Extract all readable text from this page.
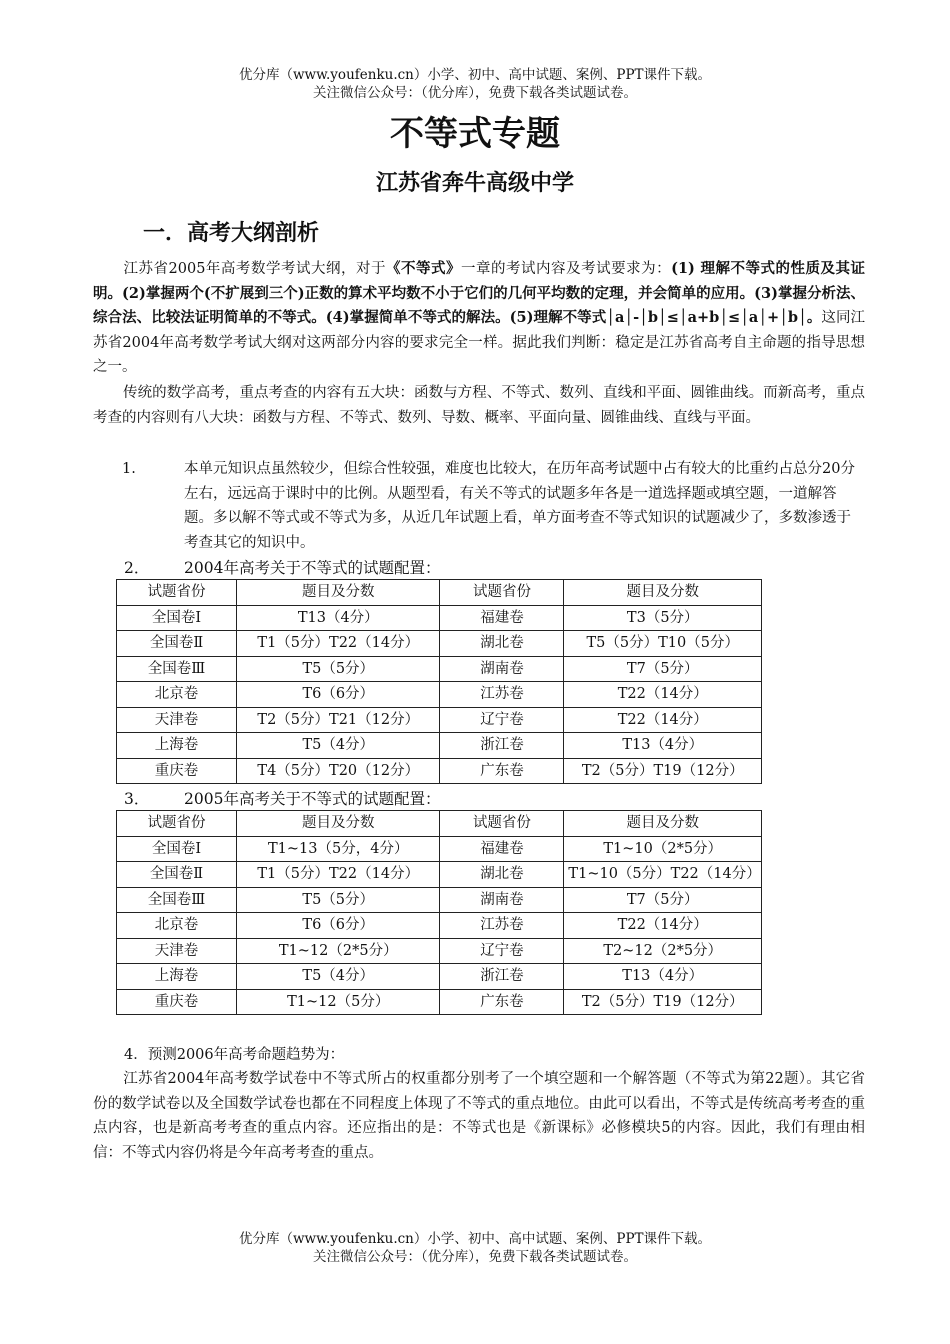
优分库（www.youfenku.cn）小学、初中、高中试题、案例、PPT课件下载。
关注微信公众号：（优分库），免费下载各类试题试卷。
不等式专题
江苏省奔牛高级中学
一．高考大纲剖析
江苏省2005年高考数学考试大纲，对于《不等式》一章的考试内容及考试要求为：(1) 理解不等式的性质及其证明。(2)掌握两个(不扩展到三个)正数的算术平均数不小于它们的几何平均数的定理，并会简单的应用。(3)掌握分析法、综合法、比较法证明简单的不等式。(4)掌握简单不等式的解法。(5)理解不等式│a│-│b│≤│a+b│≤│a│+│b│。这同江苏省2004年高考数学考试大纲对这两部分内容的要求完全一样。据此我们判断：稳定是江苏省高考自主命题的指导思想之一。
传统的数学高考，重点考查的内容有五大块：函数与方程、不等式、数列、直线和平面、圆锥曲线。而新高考，重点考查的内容则有八大块：函数与方程、不等式、数列、导数、概率、平面向量、圆锥曲线、直线与平面。
1.	本单元知识点虽然较少，但综合性较强，难度也比较大，在历年高考试题中占有较大的比重约占总分20分左右，远远高于课时中的比例。从题型看，有关不等式的试题多年各是一道选择题或填空题，一道解答题。多以解不等式或不等式为多，从近几年试题上看，单方面考查不等式知识的试题减少了，多数渗透于考查其它的知识中。
2． 2004年高考关于不等式的试题配置：
试题省份	题目及分数	试题省份	题目及分数
全国卷Ⅰ	T13（4分）	福建卷	T3（5分）
全国卷Ⅱ	T1（5分）T22（14分）	湖北卷	T5（5分）T10（5分）
全国卷Ⅲ	T5（5分）	湖南卷	T7（5分）
北京卷	T6（6分）	江苏卷	T22（14分）
天津卷	T2（5分）T21（12分）	辽宁卷	T22（14分）
上海卷	T5（4分）	浙江卷	T13（4分）
重庆卷	T4（5分）T20（12分）	广东卷	T2（5分）T19（12分）
3． 2005年高考关于不等式的试题配置：
试题省份	题目及分数	试题省份	题目及分数
全国卷Ⅰ	T1~13（5分，4分）	福建卷	T1~10（2*5分）
全国卷Ⅱ	T1（5分）T22（14分）	湖北卷	T1~10（5分）T22（14分）
全国卷Ⅲ	T5（5分）	湖南卷	T7（5分）
北京卷	T6（6分）	江苏卷	T22（14分）
天津卷	T1~12（2*5分）	辽宁卷	T2~12（2*5分）
上海卷	T5（4分）	浙江卷	T13（4分）
重庆卷	T1~12（5分）	广东卷	T2（5分）T19（12分）
4．预测2006年高考命题趋势为：
江苏省2004年高考数学试卷中不等式所占的权重都分别考了一个填空题和一个解答题（不等式为第22题）。其它省份的数学试卷以及全国数学试卷也都在不同程度上体现了不等式的重点地位。由此可以看出，不等式是传统高考考查的重点内容，也是新高考考查的重点内容。还应指出的是：不等式也是《新课标》必修模块5的内容。因此，我们有理由相信：不等式内容仍将是今年高考考查的重点。
优分库（www.youfenku.cn）小学、初中、高中试题、案例、PPT课件下载。
关注微信公众号：（优分库），免费下载各类试题试卷。
